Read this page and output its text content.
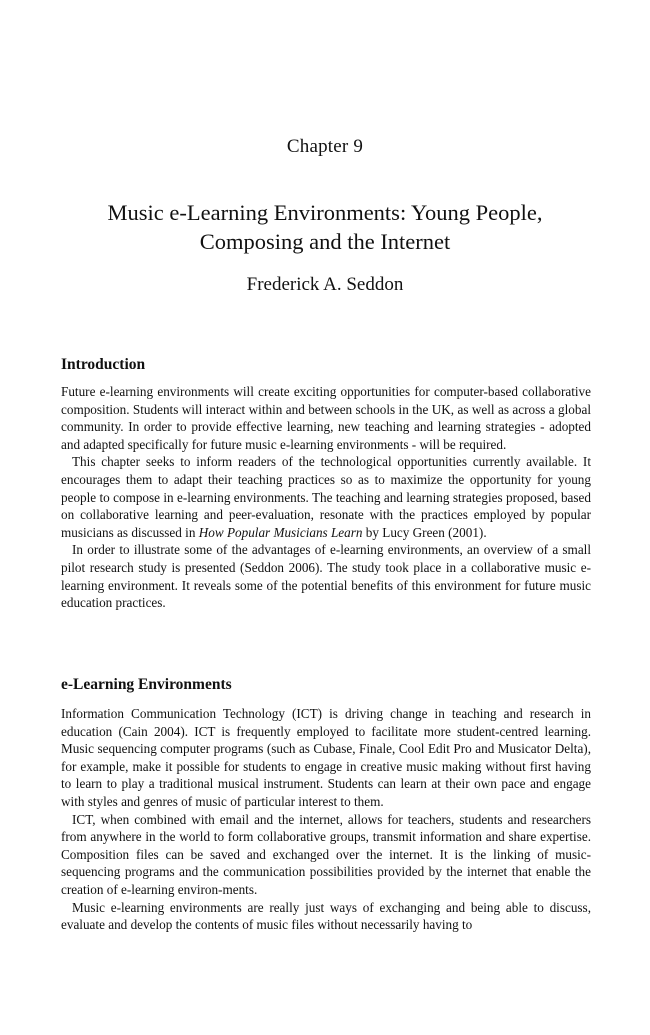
Chapter 9
Music e-Learning Environments: Young People,
Composing and the Internet
Frederick A. Seddon
Introduction

Future e-learning environments will create exciting opportunities for computer-based collaborative composition. Students will interact within and between schools in the UK, as well as across a global community. In order to provide effective learning, new teaching and learning strategies - adopted and adapted specifically for future music e-learning environments - will be required.

This chapter seeks to inform readers of the technological opportunities currently available. It encourages them to adapt their teaching practices so as to maximize the opportunity for young people to compose in e-learning environments. The teaching and learning strategies proposed, based on collaborative learning and peer-evaluation, resonate with the practices employed by popular musicians as discussed in How Popular Musicians Learn by Lucy Green (2001).

In order to illustrate some of the advantages of e-learning environments, an overview of a small pilot research study is presented (Seddon 2006). The study took place in a collaborative music e-learning environment. It reveals some of the potential benefits of this environment for future music education practices.

e-Learning Environments

Information Communication Technology (ICT) is driving change in teaching and research in education (Cain 2004). ICT is frequently employed to facilitate more student-centred learning. Music sequencing computer programs (such as Cubase, Finale, Cool Edit Pro and Musicator Delta), for example, make it possible for students to engage in creative music making without first having to learn to play a traditional musical instrument. Students can learn at their own pace and engage with styles and genres of music of particular interest to them.

ICT, when combined with email and the internet, allows for teachers, students and researchers from anywhere in the world to form collaborative groups, transmit information and share expertise. Composition files can be saved and exchanged over the internet. It is the linking of music-sequencing programs and the communication possibilities provided by the internet that enable the creation of e-learning environ-ments.

Music e-learning environments are really just ways of exchanging and being able to discuss, evaluate and develop the contents of music files without necessarily having to
